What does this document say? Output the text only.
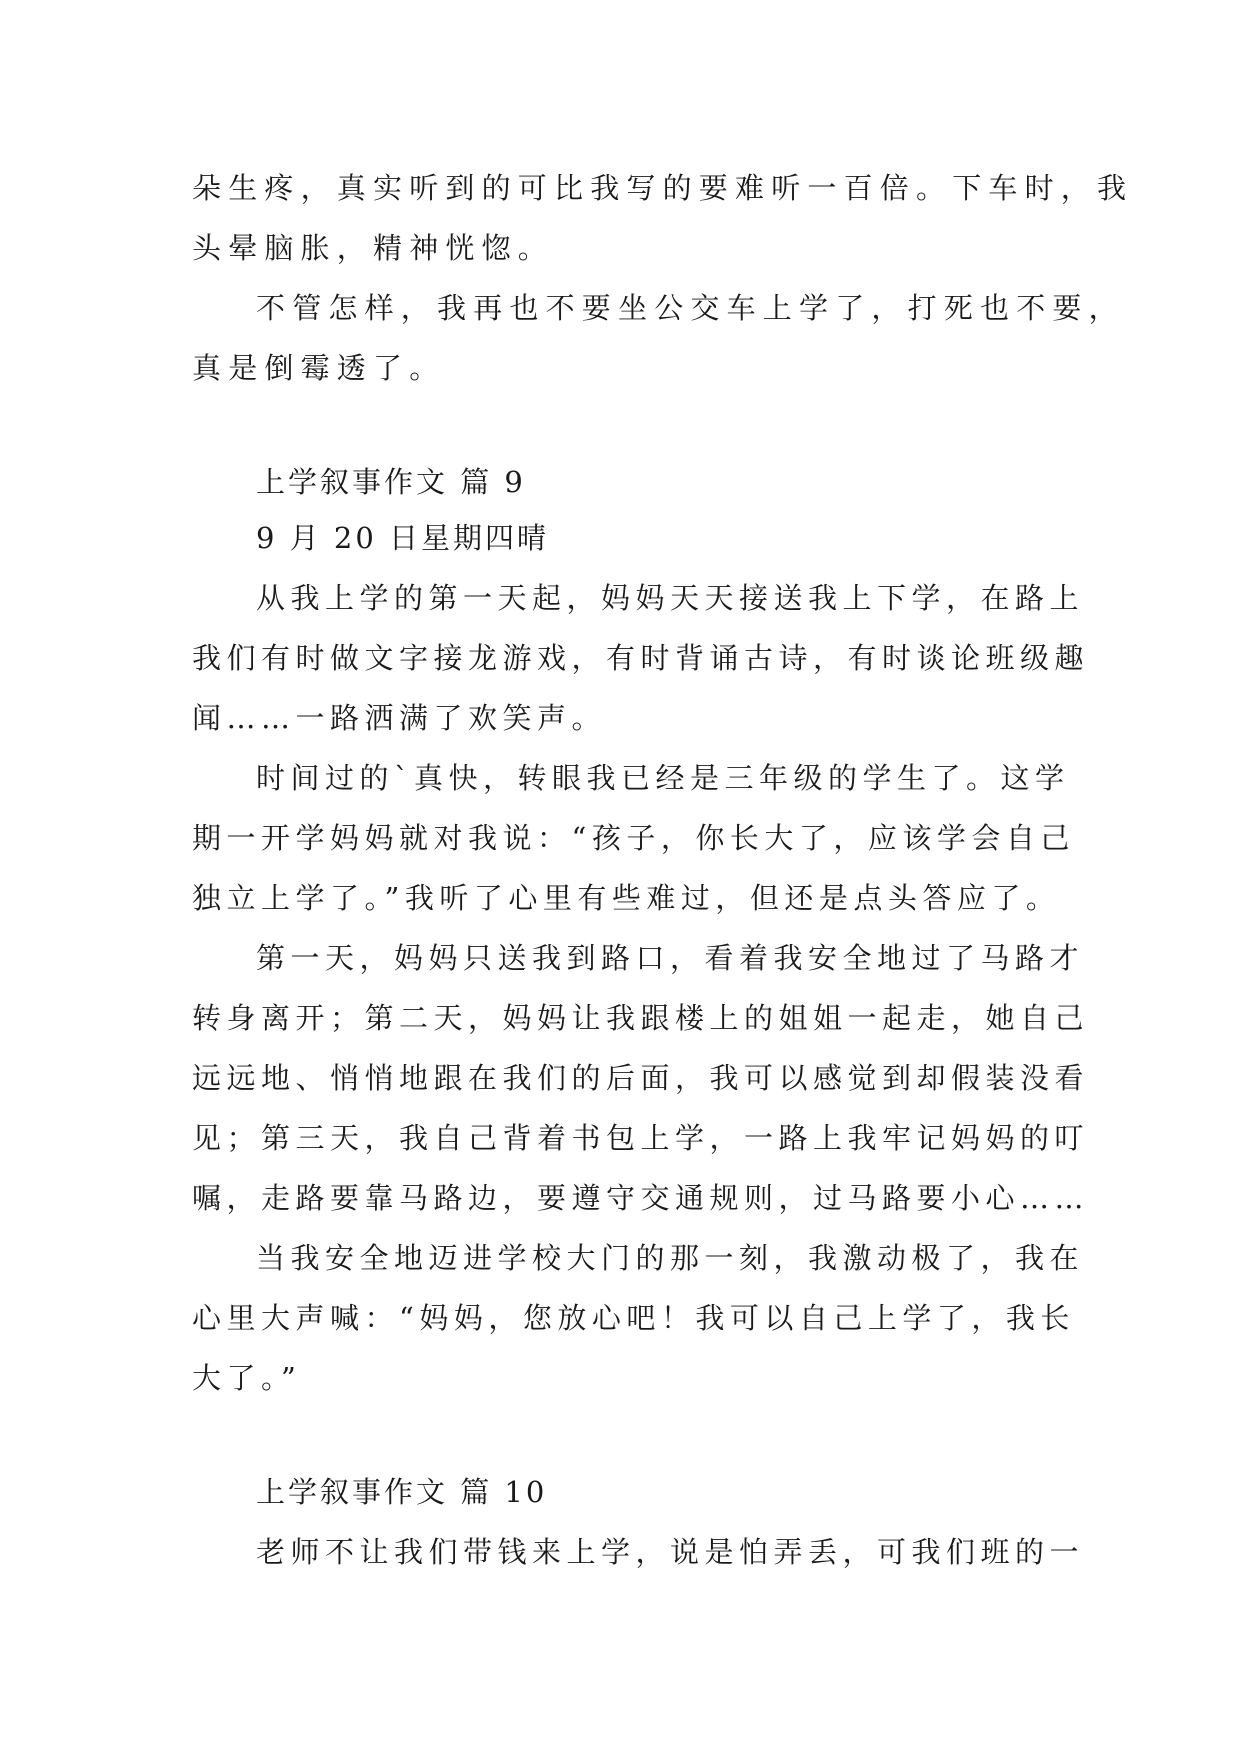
朵生疼，真实听到的可比我写的要难听一百倍。下车时，我
头晕脑胀，精神恍惚。
不管怎样，我再也不要坐公交车上学了，打死也不要，
真是倒霉透了。
上学叙事作文 篇 9
9 月 20 日星期四晴
从我上学的第一天起，妈妈天天接送我上下学，在路上
我们有时做文字接龙游戏，有时背诵古诗，有时谈论班级趣
闻……一路洒满了欢笑声。
时间过的`真快，转眼我已经是三年级的学生了。这学
期一开学妈妈就对我说：“孩子，你长大了，应该学会自己
独立上学了。”我听了心里有些难过，但还是点头答应了。
第一天，妈妈只送我到路口，看着我安全地过了马路才
转身离开；第二天，妈妈让我跟楼上的姐姐一起走，她自己
远远地、悄悄地跟在我们的后面，我可以感觉到却假装没看
见；第三天，我自己背着书包上学，一路上我牢记妈妈的叮
嘱，走路要靠马路边，要遵守交通规则，过马路要小心……
当我安全地迈进学校大门的那一刻，我激动极了，我在
心里大声喊：“妈妈，您放心吧！我可以自己上学了，我长
大了。”
上学叙事作文 篇 10
老师不让我们带钱来上学，说是怕弄丢，可我们班的一
